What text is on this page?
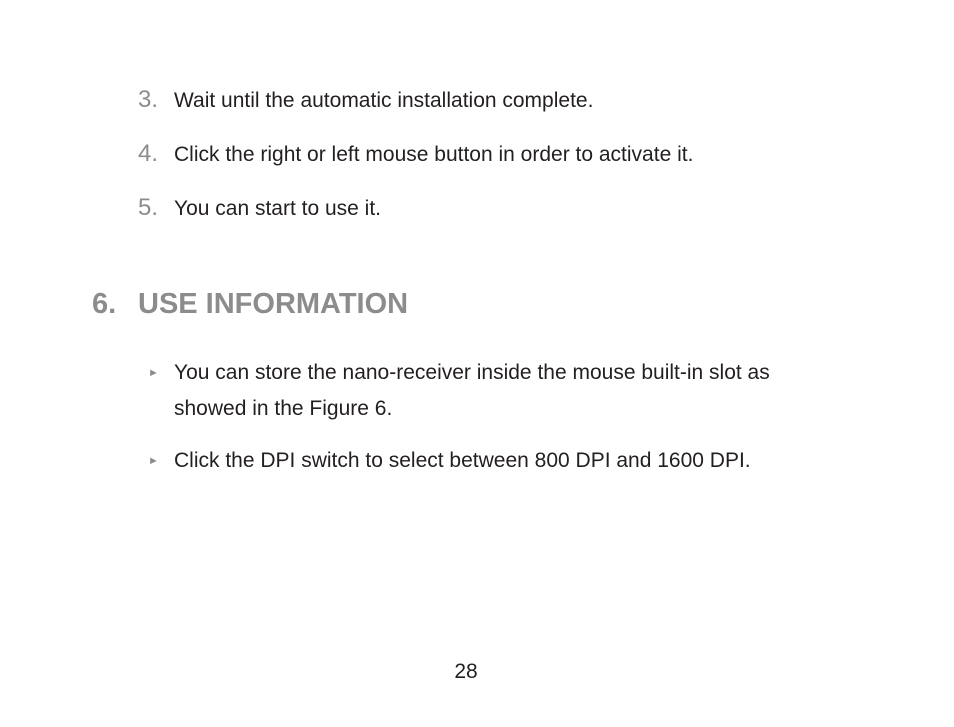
3. Wait until the automatic installation complete.
4. Click the right or left mouse button in order to activate it.
5. You can start to use it.
6. USE INFORMATION
► You can store the nano-receiver inside the mouse built-in slot as showed in the Figure 6.
► Click the DPI switch to select between 800 DPI and 1600 DPI.
28
